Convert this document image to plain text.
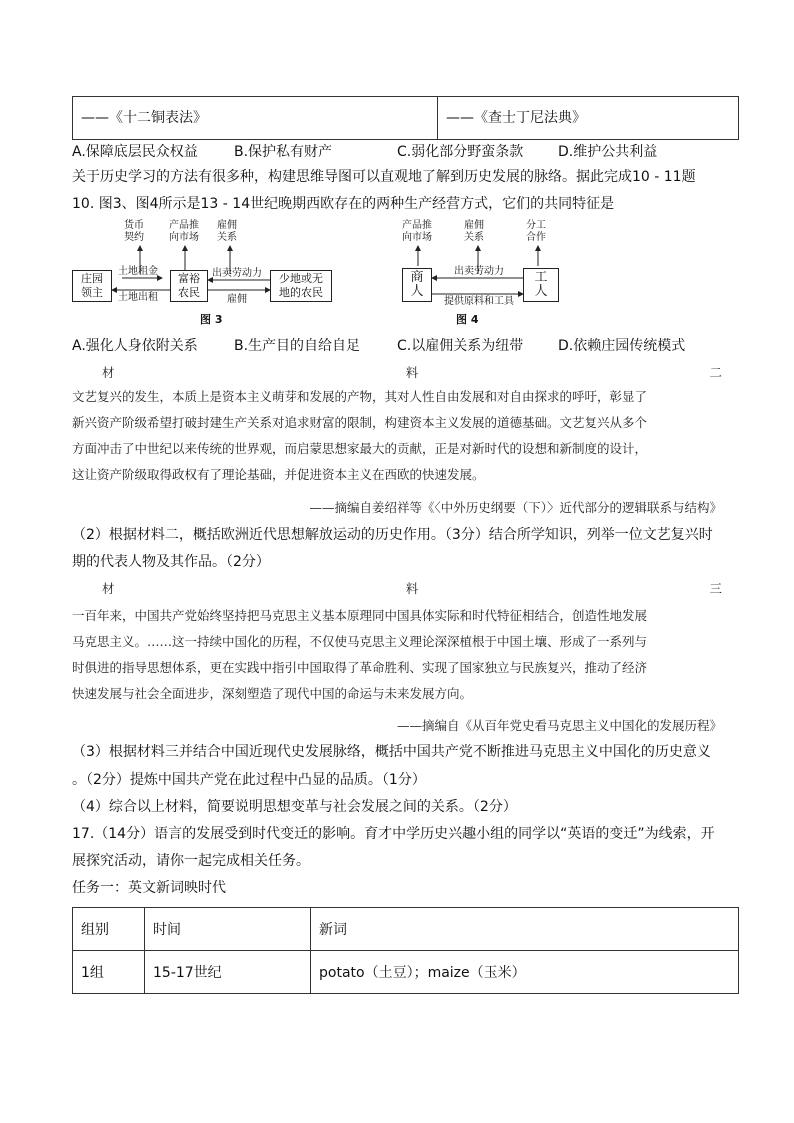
——《十二铜表法》	——《查士丁尼法典》
A.保障底层民众权益	B.保护私有财产	C.弱化部分野蛮条款 D.维护公共利益
关于历史学习的方法有很多种，构建思维导图可以直观地了解到历史发展的脉络。据此完成10 - 11题
10. 图3、图4所示是13 - 14世纪晚期西欧存在的两种生产经营方式，它们的共同特征是
庄园
领主
富裕
农民
少地或无
地的农民
货币
契约
产品推
向市场
雇佣
关系
土地租金
土地出租
出卖劳动力
雇佣
图 3
商
人
工
人
产品推
向市场
雇佣
关系
分工
合作
出卖劳动力
提供原料和工具
图 4
A.强化人身依附关系	B.生产目的自给自足	C.以雇佣关系为纽带 D.依赖庄园传统模式
材	料	二
文艺复兴的发生，本质上是资本主义萌芽和发展的产物，其对人性自由发展和对自由探求的呼吁，彰显了
新兴资产阶级希望打破封建生产关系对追求财富的限制，构建资本主义发展的道德基础。文艺复兴从多个
方面冲击了中世纪以来传统的世界观，而启蒙思想家最大的贡献，正是对新时代的设想和新制度的设计，
这让资产阶级取得政权有了理论基础，并促进资本主义在西欧的快速发展。
——摘编自姜绍祥等《〈中外历史纲要（下）〉近代部分的逻辑联系与结构》
（2）根据材料二，概括欧洲近代思想解放运动的历史作用。（3分）结合所学知识，列举一位文艺复兴时
期的代表人物及其作品。（2分）
材	料	三
一百年来，中国共产党始终坚持把马克思主义基本原理同中国具体实际和时代特征相结合，创造性地发展
马克思主义。……这一持续中国化的历程，不仅使马克思主义理论深深植根于中国土壤、形成了一系列与
时俱进的指导思想体系，更在实践中指引中国取得了革命胜利、实现了国家独立与民族复兴，推动了经济
快速发展与社会全面进步，深刻塑造了现代中国的命运与未来发展方向。
——摘编自《从百年党史看马克思主义中国化的发展历程》
（3）根据材料三并结合中国近现代史发展脉络，概括中国共产党不断推进马克思主义中国化的历史意义
。（2分）提炼中国共产党在此过程中凸显的品质。（1分）
（4）综合以上材料，简要说明思想变革与社会发展之间的关系。（2分）
17.（14分）语言的发展受到时代变迁的影响。育才中学历史兴趣小组的同学以“英语的变迁”为线索，开
展探究活动，请你一起完成相关任务。
任务一：英文新词映时代
组别	时间	新词
1组	15-17世纪	potato（土豆）；maize（玉米）
